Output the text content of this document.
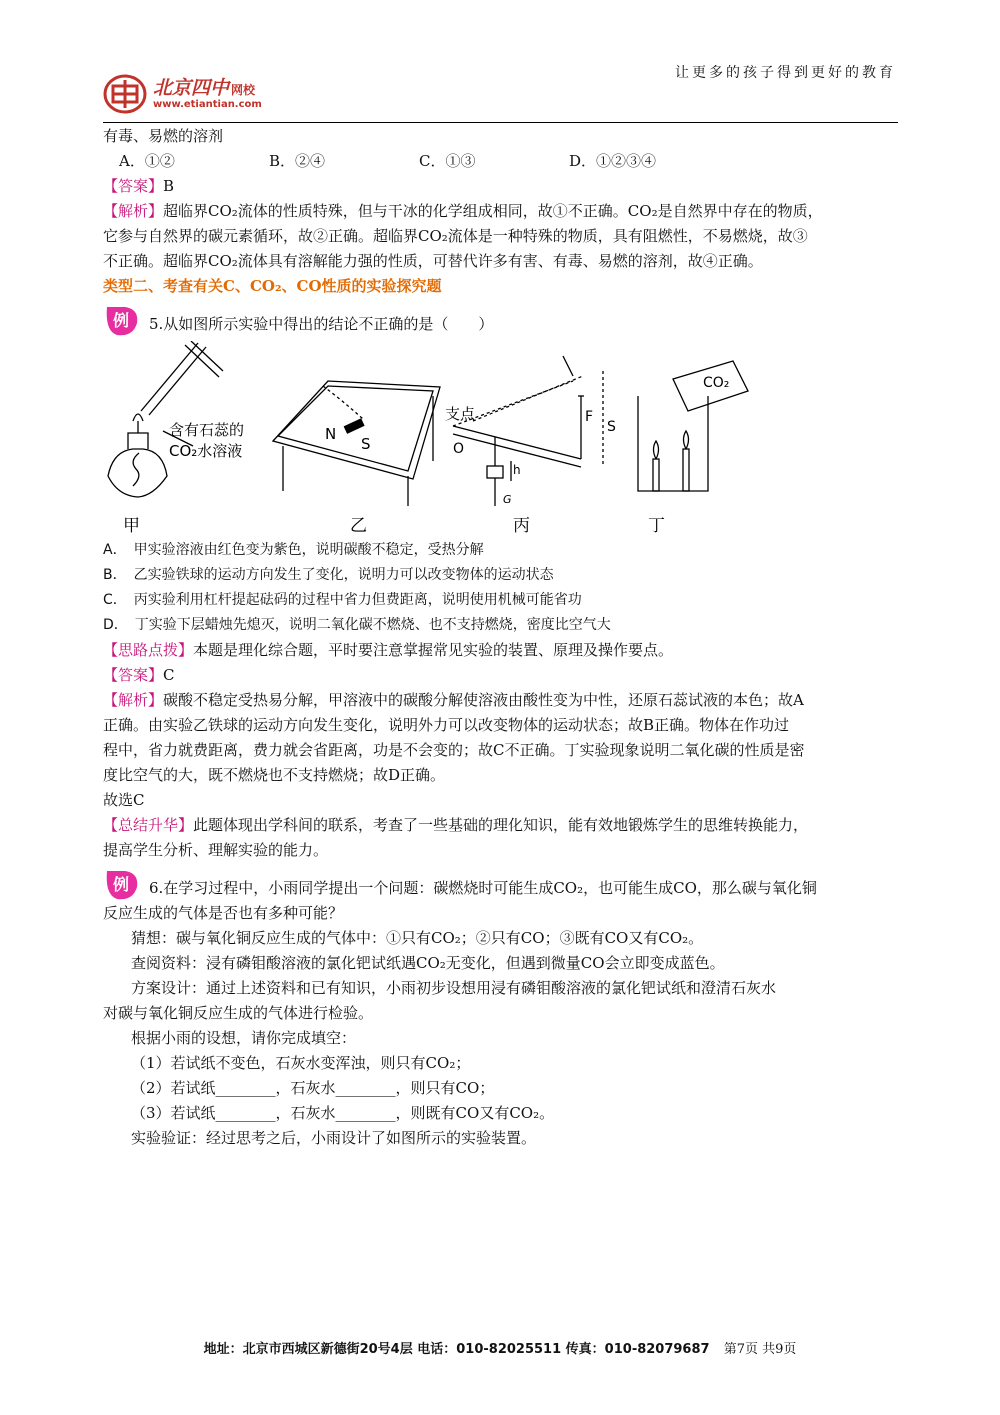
让更多的孩子得到更好的教育
北京四中 网校
www.etiantian.com

有毒、易燃的溶剂

A．①②	B．②④	C．①③	D．①②③④

【答案】B

【解析】超临界CO₂流体的性质特殊，但与干冰的化学组成相同，故①不正确。CO₂是自然界中存在的物质，

它参与自然界的碳元素循环，故②正确。超临界CO₂流体是一种特殊的物质，具有阻燃性，不易燃烧，故③

不正确。超临界CO₂流体具有溶解能力强的性质，可替代许多有害、有毒、易燃的溶剂，故④正确。

类型二、考查有关C、CO₂、CO性质的实验探究题

例 5.从如图所示实验中得出的结论不正确的是（　　）

含有石蕊的
CO₂水溶液
甲
N
S
乙
支点
O
F
S
h
G
丙
CO₂
丁

A．　甲实验溶液由红色变为紫色，说明碳酸不稳定，受热分解

B．　乙实验铁球的运动方向发生了变化，说明力可以改变物体的运动状态

C．　丙实验利用杠杆提起砝码的过程中省力但费距离，说明使用机械可能省功

D．　丁实验下层蜡烛先熄灭，说明二氧化碳不燃烧、也不支持燃烧，密度比空气大

【思路点拨】本题是理化综合题，平时要注意掌握常见实验的装置、原理及操作要点。

【答案】C

【解析】碳酸不稳定受热易分解，甲溶液中的碳酸分解使溶液由酸性变为中性，还原石蕊试液的本色；故A

正确。由实验乙铁球的运动方向发生变化，说明外力可以改变物体的运动状态；故B正确。物体在作功过

程中，省力就费距离，费力就会省距离，功是不会变的；故C不正确。丁实验现象说明二氧化碳的性质是密

度比空气的大，既不燃烧也不支持燃烧；故D正确。

故选C

【总结升华】此题体现出学科间的联系，考查了一些基础的理化知识，能有效地锻炼学生的思维转换能力，

提高学生分析、理解实验的能力。

例 6.在学习过程中，小雨同学提出一个问题：碳燃烧时可能生成CO₂，也可能生成CO，那么碳与氧化铜

反应生成的气体是否也有多种可能？

猜想：碳与氧化铜反应生成的气体中：①只有CO₂；②只有CO；③既有CO又有CO₂。

查阅资料：浸有磷钼酸溶液的氯化钯试纸遇CO₂无变化，但遇到微量CO会立即变成蓝色。

方案设计：通过上述资料和已有知识，小雨初步设想用浸有磷钼酸溶液的氯化钯试纸和澄清石灰水

对碳与氧化铜反应生成的气体进行检验。

根据小雨的设想，请你完成填空：

（1）若试纸不变色，石灰水变浑浊，则只有CO₂；

（2）若试纸________，石灰水________，则只有CO；

（3）若试纸________，石灰水________，则既有CO又有CO₂。

实验验证：经过思考之后，小雨设计了如图所示的实验装置。

地址：北京市西城区新德街20号4层 电话：010-82025511 传真：010-82079687 第7页 共9页
